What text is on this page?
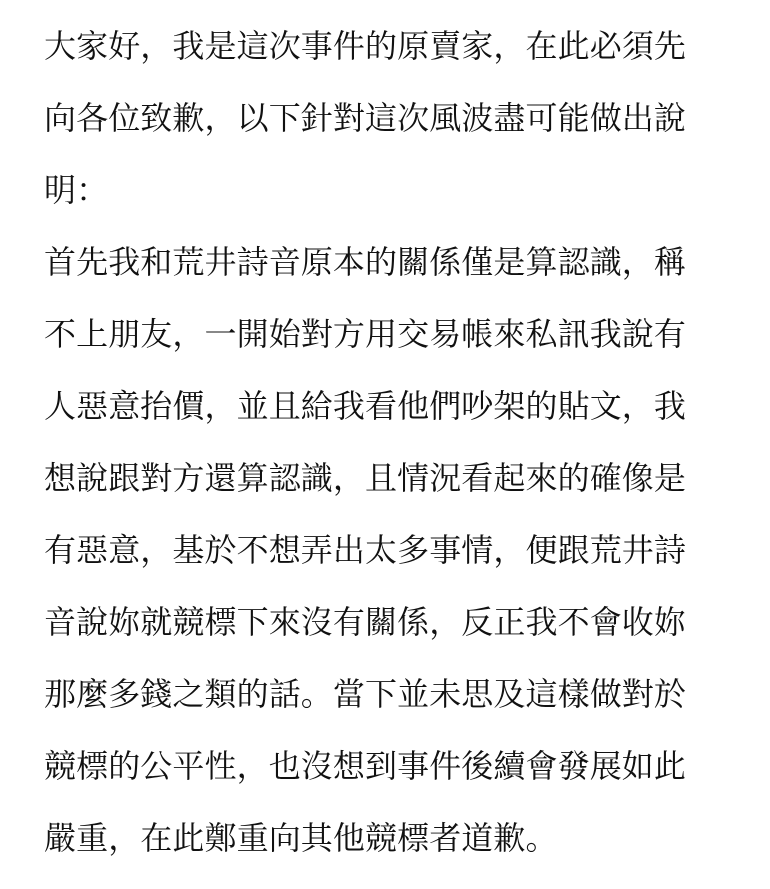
大家好，我是這次事件的原賣家，在此必須先
向各位致歉，以下針對這次風波盡可能做出說
明：
首先我和荒井詩音原本的關係僅是算認識，稱
不上朋友，一開始對方用交易帳來私訊我說有
人惡意抬價，並且給我看他們吵架的貼文，我
想說跟對方還算認識，且情況看起來的確像是
有惡意，基於不想弄出太多事情，便跟荒井詩
音說妳就競標下來沒有關係，反正我不會收妳
那麼多錢之類的話。當下並未思及這樣做對於
競標的公平性，也沒想到事件後續會發展如此
嚴重，在此鄭重向其他競標者道歉。
